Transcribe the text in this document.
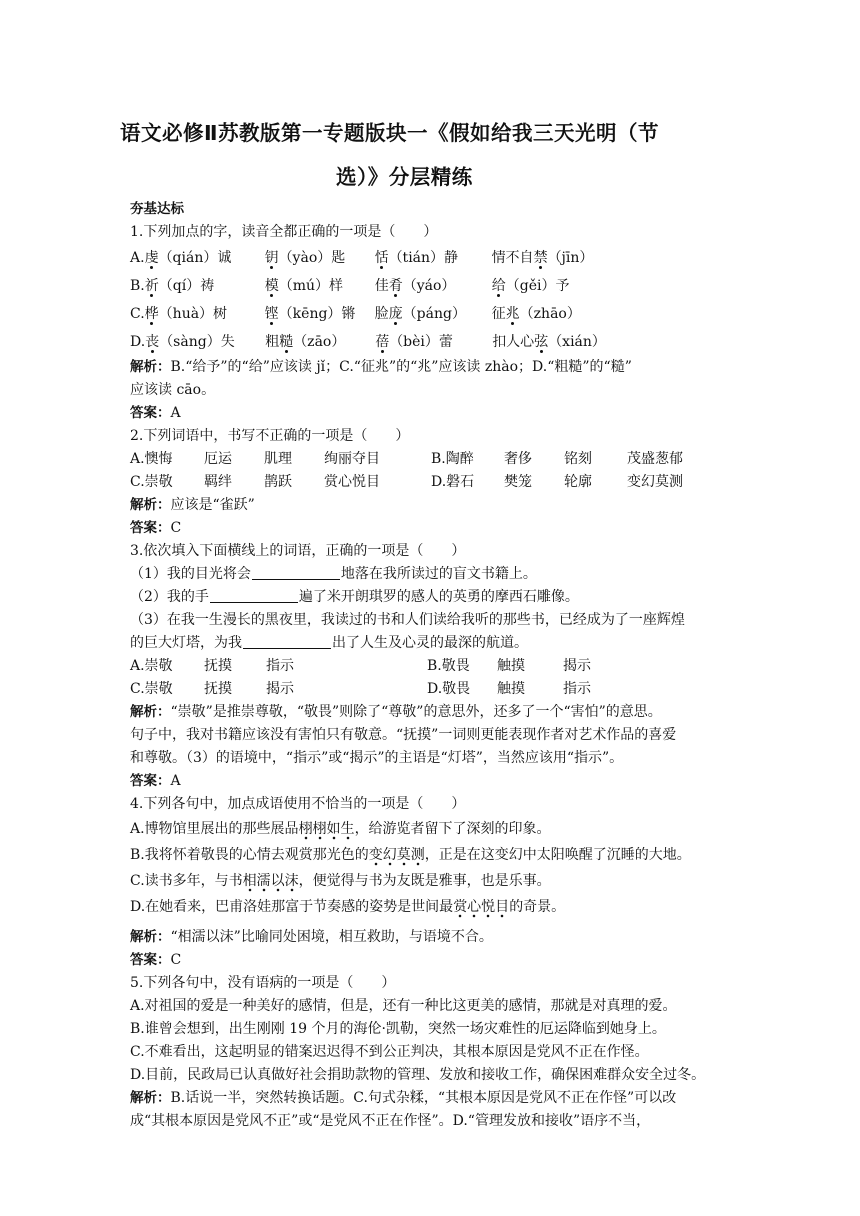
语文必修Ⅱ苏教版第一专题版块一《假如给我三天光明（节
选）》分层精练
夯基达标
1.下列加点的字，读音全都正确的一项是（　　）
A.虔（qián）诚 钥（yào）匙 恬（tián）静 情不自禁（jīn）
B.祈（qí）祷	模（mú）样 佳肴（yáo）	给（gěi）予
C.桦（huà）树	铿（kēng）锵 脸庞（páng） 征兆（zhāo）
D.丧（sàng）失 粗糙（zāo） 蓓（bèi）蕾	扣人心弦（xián）
解析：B.“给予”的“给”应该读 jǐ；C.“征兆”的“兆”应该读 zhào；D.“粗糙”的“糙”
应该读 cāo。
答案：A
2.下列词语中，书写不正确的一项是（　　）
A.懊悔 厄运 肌理 绚丽夺目	B.陶醉 奢侈 铭刻	茂盛葱郁
C.崇敬 羁绊 鹊跃 赏心悦目	D.磐石 樊笼 轮廓	变幻莫测
解析：应该是“雀跃”
答案：C
3.依次填入下面横线上的词语，正确的一项是（　　）
（1）我的目光将会	地落在我所读过的盲文书籍上。
（2）我的手	遍了米开朗琪罗的感人的英勇的摩西石雕像。
（3）在我一生漫长的黑夜里，我读过的书和人们读给我听的那些书，已经成为了一座辉煌
的巨大灯塔，为我	出了人生及心灵的最深的航道。
A.崇敬 抚摸 指示	B.敬畏 触摸	揭示
C.崇敬 抚摸 揭示	D.敬畏 触摸	指示
解析：“崇敬”是推崇尊敬，“敬畏”则除了“尊敬”的意思外，还多了一个“害怕”的意思。
句子中，我对书籍应该没有害怕只有敬意。“抚摸”一词则更能表现作者对艺术作品的喜爱
和尊敬。（3）的语境中，“指示”或“揭示”的主语是“灯塔”，当然应该用“指示”。
答案：A
4.下列各句中，加点成语使用不恰当的一项是（　　）
A.博物馆里展出的那些展品栩栩如生，给游览者留下了深刻的印象。
B.我将怀着敬畏的心情去观赏那光色的变幻莫测，正是在这变幻中太阳唤醒了沉睡的大地。
C.读书多年，与书相濡以沫，便觉得与书为友既是雅事，也是乐事。
D.在她看来，巴甫洛娃那富于节奏感的姿势是世间最赏心悦目的奇景。
解析：“相濡以沫”比喻同处困境，相互救助，与语境不合。
答案：C
5.下列各句中，没有语病的一项是（　　）
A.对祖国的爱是一种美好的感情，但是，还有一种比这更美的感情，那就是对真理的爱。
B.谁曾会想到，出生刚刚 19 个月的海伦·凯勒，突然一场灾难性的厄运降临到她身上。
C.不难看出，这起明显的错案迟迟得不到公正判决，其根本原因是党风不正在作怪。
D.目前，民政局已认真做好社会捐助款物的管理、发放和接收工作，确保困难群众安全过冬。
解析：B.话说一半，突然转换话题。C.句式杂糅，“其根本原因是党风不正在作怪”可以改
成“其根本原因是党风不正”或“是党风不正在作怪”。D.“管理发放和接收”语序不当，
